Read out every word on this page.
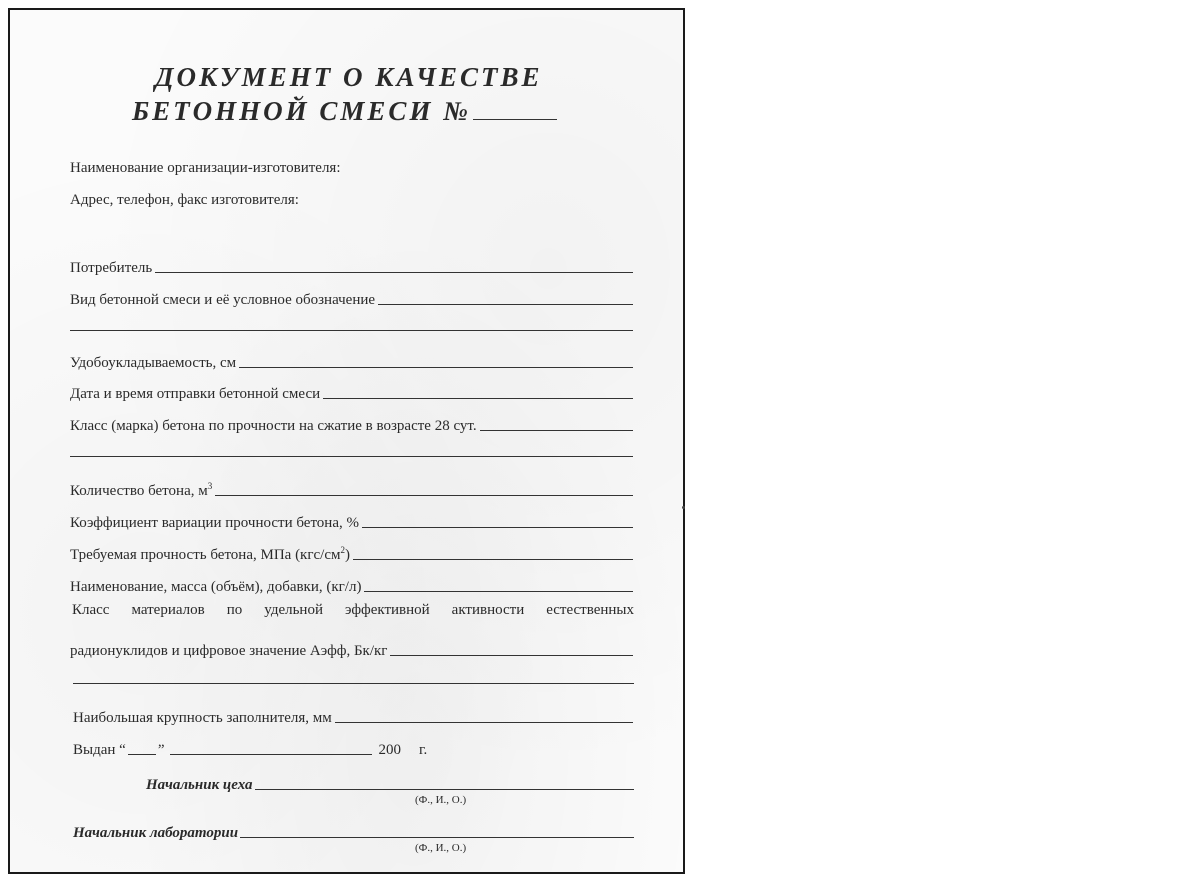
ДОКУМЕНТ О КАЧЕСТВЕ
БЕТОННОЙ СМЕСИ №
Наименование организации-изготовителя:
Адрес, телефон, факс изготовителя:
Потребитель
Вид бетонной смеси и её условное обозначение
Удобоукладываемость, см
Дата и время отправки бетонной смеси
Класс (марка) бетона по прочности на сжатие в возрасте 28 сут.
Количество бетона, $м^3$
Коэффициент вариации прочности бетона, %
Требуемая прочность бетона, МПа $(кгс/см^2)$
Наименование, масса (объём), добавки, (кг/л)
Класс материалов по удельной эффективной активности естественных
радионуклидов и цифровое значение Аэфф, Бк/кг
Наибольшая крупность заполнителя, мм
Выдан “ ”	200 г.
Начальник цеха
(Ф., И., О.)
Начальник лаборатории
(Ф., И., О.)
